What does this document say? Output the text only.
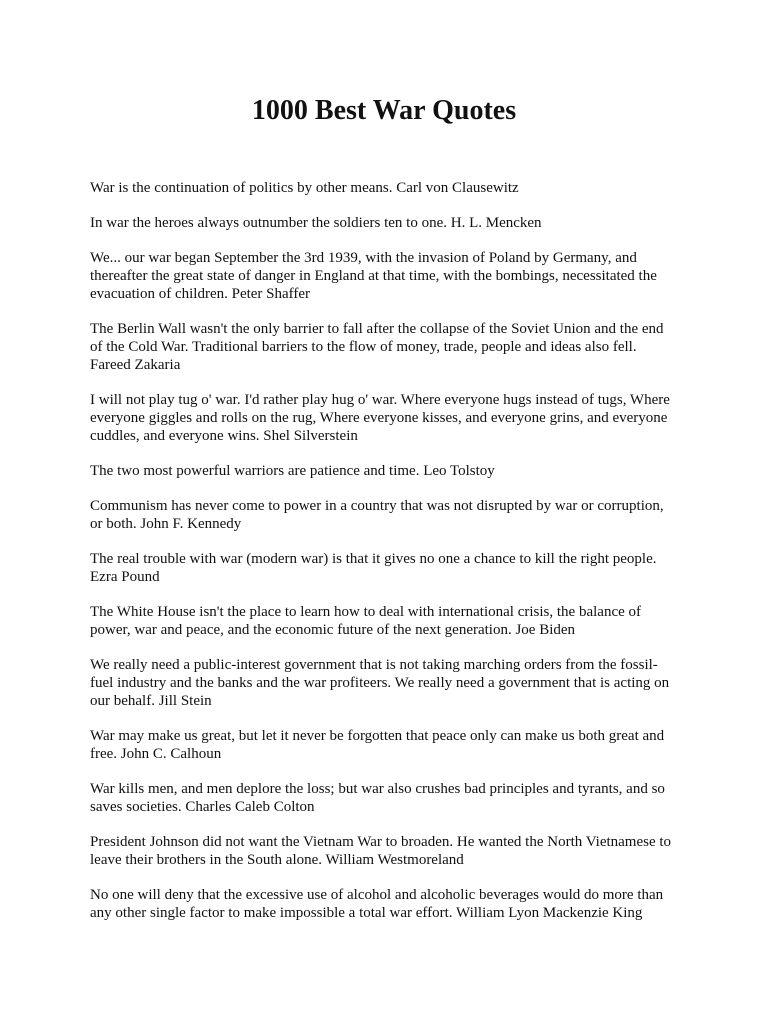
1000 Best War Quotes

War is the continuation of politics by other means. Carl von Clausewitz

In war the heroes always outnumber the soldiers ten to one. H. L. Mencken

We... our war began September the 3rd 1939, with the invasion of Poland by Germany, and
thereafter the great state of danger in England at that time, with the bombings, necessitated the
evacuation of children. Peter Shaffer

The Berlin Wall wasn't the only barrier to fall after the collapse of the Soviet Union and the end
of the Cold War. Traditional barriers to the flow of money, trade, people and ideas also fell.
Fareed Zakaria

I will not play tug o' war. I'd rather play hug o' war. Where everyone hugs instead of tugs, Where
everyone giggles and rolls on the rug, Where everyone kisses, and everyone grins, and everyone
cuddles, and everyone wins. Shel Silverstein

The two most powerful warriors are patience and time. Leo Tolstoy

Communism has never come to power in a country that was not disrupted by war or corruption,
or both. John F. Kennedy

The real trouble with war (modern war) is that it gives no one a chance to kill the right people.
Ezra Pound

The White House isn't the place to learn how to deal with international crisis, the balance of
power, war and peace, and the economic future of the next generation. Joe Biden

We really need a public-interest government that is not taking marching orders from the fossil-
fuel industry and the banks and the war profiteers. We really need a government that is acting on
our behalf. Jill Stein

War may make us great, but let it never be forgotten that peace only can make us both great and
free. John C. Calhoun

War kills men, and men deplore the loss; but war also crushes bad principles and tyrants, and so
saves societies. Charles Caleb Colton

President Johnson did not want the Vietnam War to broaden. He wanted the North Vietnamese to
leave their brothers in the South alone. William Westmoreland

No one will deny that the excessive use of alcohol and alcoholic beverages would do more than
any other single factor to make impossible a total war effort. William Lyon Mackenzie King
